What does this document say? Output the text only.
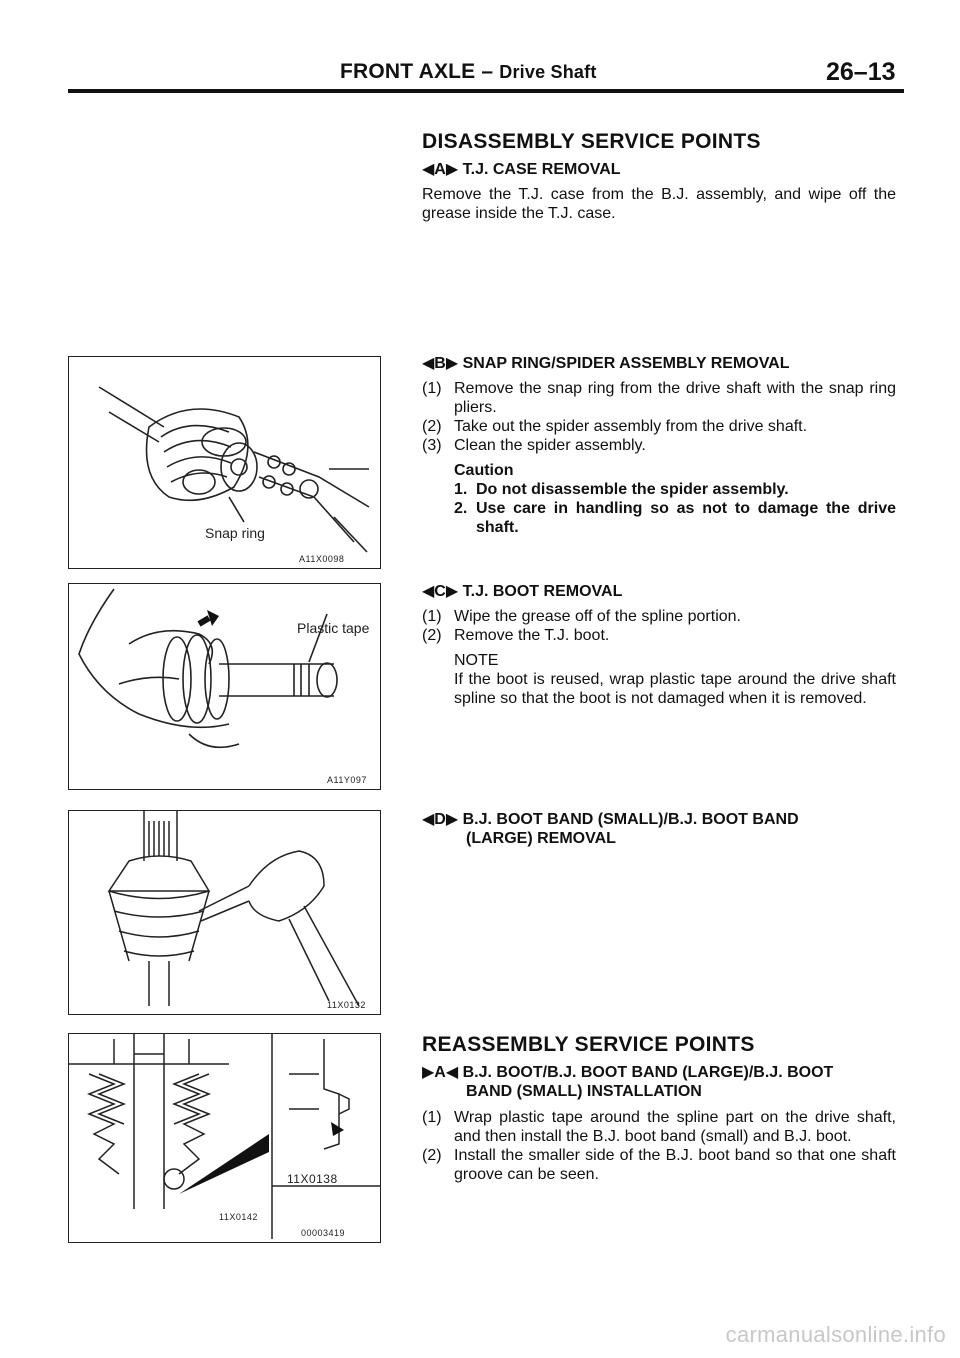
FRONT AXLE – Drive Shaft	26–13
Snap ring
A11X0098
Plastic tape
A11Y097
11X0132
11X0138
11X0142
00003419
DISASSEMBLY SERVICE POINTS
◀A▶ T.J. CASE REMOVAL
Remove the T.J. case from the B.J. assembly, and wipe off the grease inside the T.J. case.
◀B▶ SNAP RING/SPIDER ASSEMBLY REMOVAL
(1) Remove the snap ring from the drive shaft with the snap ring pliers.
(2) Take out the spider assembly from the drive shaft.
(3) Clean the spider assembly.
Caution
1. Do not disassemble the spider assembly.
2. Use care in handling so as not to damage the drive shaft.
◀C▶ T.J. BOOT REMOVAL
(1) Wipe the grease off of the spline portion.
(2) Remove the T.J. boot.
NOTE
If the boot is reused, wrap plastic tape around the drive shaft spline so that the boot is not damaged when it is removed.
◀D▶ B.J. BOOT BAND (SMALL)/B.J. BOOT BAND
(LARGE) REMOVAL
REASSEMBLY SERVICE POINTS
▶A◀ B.J. BOOT/B.J. BOOT BAND (LARGE)/B.J. BOOT
BAND (SMALL) INSTALLATION
(1) Wrap plastic tape around the spline part on the drive shaft, and then install the B.J. boot band (small) and B.J. boot.
(2) Install the smaller side of the B.J. boot band so that one shaft groove can be seen.
carmanualsonline.info
